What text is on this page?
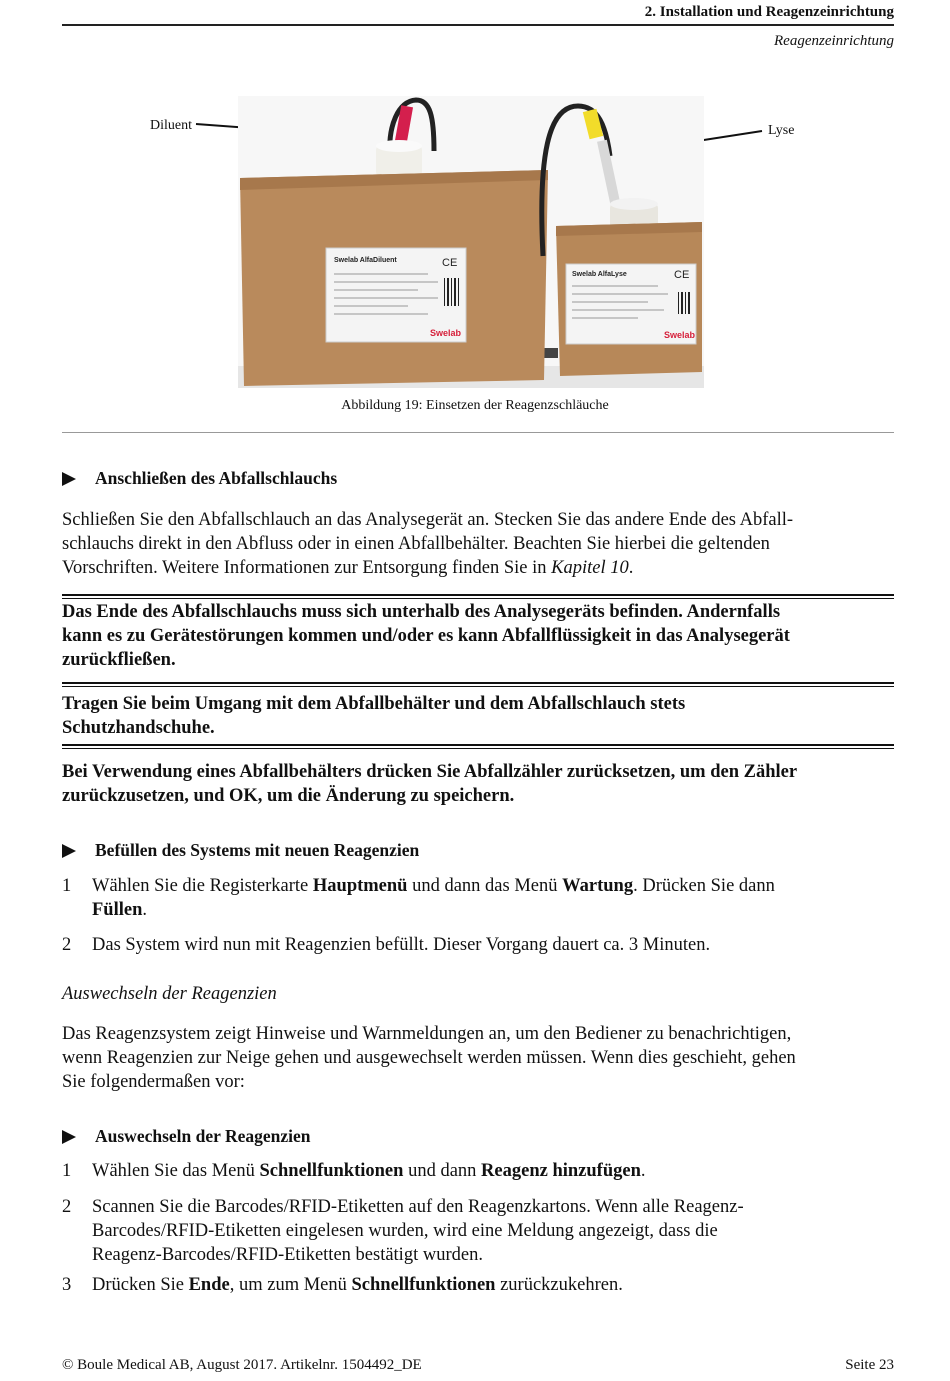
2. Installation und Reagenzeinrichtung
Reagenzeinrichtung
Diluent	Lyse
Swelab AlfaDiluent	CE
Swelab
Swelab AlfaLyse	CE
Swelab
Abbildung 19: Einsetzen der Reagenzschläuche
Anschließen des Abfallschlauchs
Schließen Sie den Abfallschlauch an das Analysegerät an. Stecken Sie das andere Ende des Abfall-
schlauchs direkt in den Abfluss oder in einen Abfallbehälter. Beachten Sie hierbei die geltenden
Vorschriften. Weitere Informationen zur Entsorgung finden Sie in Kapitel 10.
Das Ende des Abfallschlauchs muss sich unterhalb des Analysegeräts befinden. Andernfalls
kann es zu Gerätestörungen kommen und/oder es kann Abfallflüssigkeit in das Analysegerät
zurückfließen.
Tragen Sie beim Umgang mit dem Abfallbehälter und dem Abfallschlauch stets
Schutzhandschuhe.
Bei Verwendung eines Abfallbehälters drücken Sie Abfallzähler zurücksetzen, um den Zähler
zurückzusetzen, und OK, um die Änderung zu speichern.
Befüllen des Systems mit neuen Reagenzien
1 Wählen Sie die Registerkarte Hauptmenü und dann das Menü Wartung. Drücken Sie dann
Füllen.
2 Das System wird nun mit Reagenzien befüllt. Dieser Vorgang dauert ca. 3 Minuten.
Auswechseln der Reagenzien
Das Reagenzsystem zeigt Hinweise und Warnmeldungen an, um den Bediener zu benachrichtigen,
wenn Reagenzien zur Neige gehen und ausgewechselt werden müssen. Wenn dies geschieht, gehen
Sie folgendermaßen vor:
Auswechseln der Reagenzien
1 Wählen Sie das Menü Schnellfunktionen und dann Reagenz hinzufügen.
2 Scannen Sie die Barcodes/RFID-Etiketten auf den Reagenzkartons. Wenn alle Reagenz-
Barcodes/RFID-Etiketten eingelesen wurden, wird eine Meldung angezeigt, dass die
Reagenz-Barcodes/RFID-Etiketten bestätigt wurden.
3 Drücken Sie Ende, um zum Menü Schnellfunktionen zurückzukehren.
© Boule Medical AB, August 2017. Artikelnr. 1504492_DE	Seite 23
